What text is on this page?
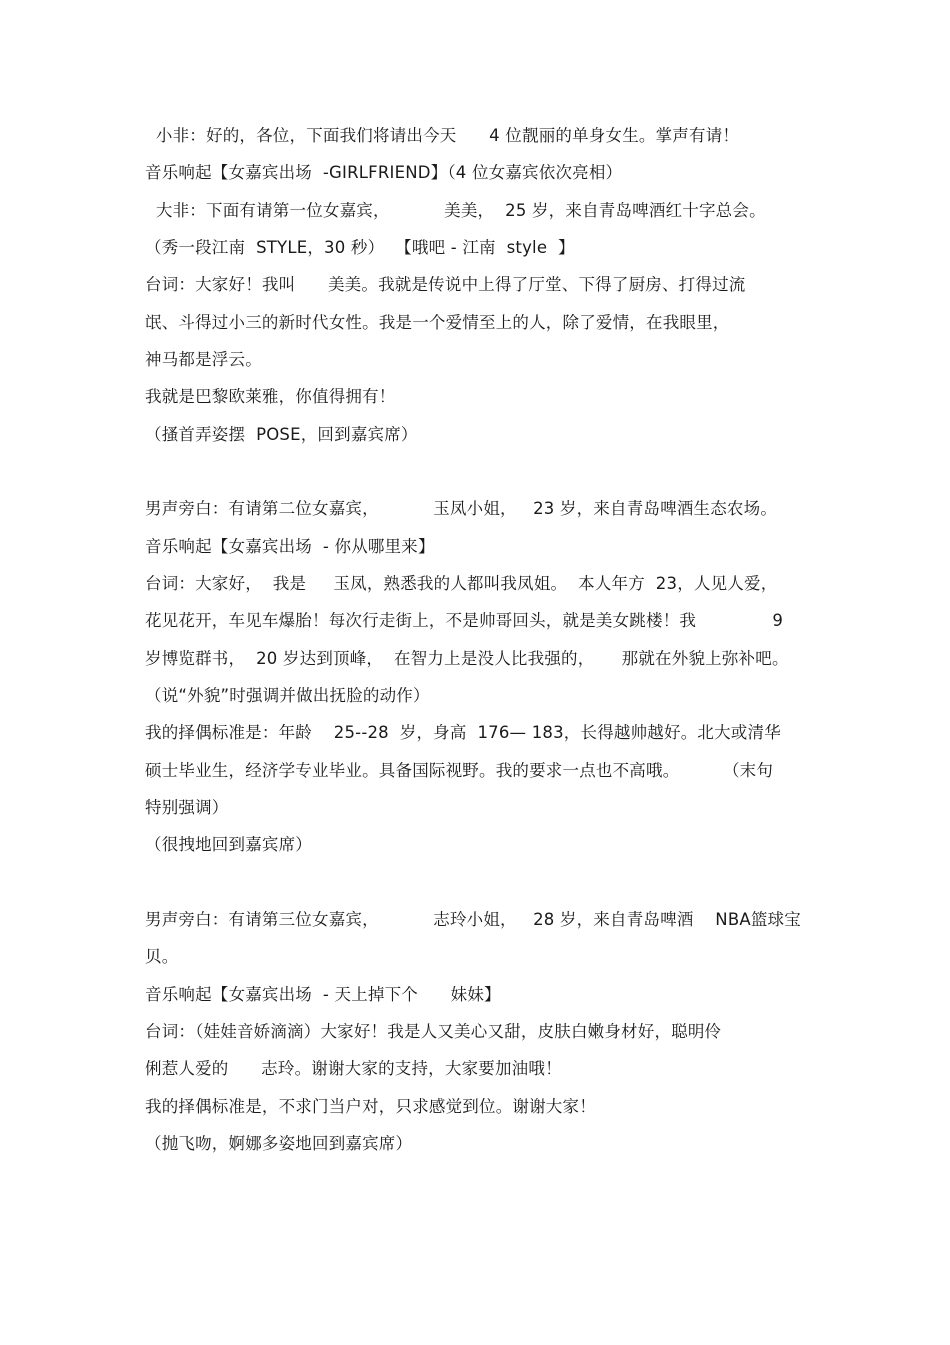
小非：好的，各位，下面我们将请出今天      4 位靓丽的单身女生。掌声有请！
音乐响起【女嘉宾出场  -GIRLFRIEND】（4 位女嘉宾依次亮相）
大非：下面有请第一位女嘉宾，          美美，  25 岁，来自青岛啤酒红十字总会。
（秀一段江南  STYLE，30 秒）  【哦吧 - 江南  style  】
台词：大家好！我叫      美美。我就是传说中上得了厅堂、下得了厨房、打得过流
氓、斗得过小三的新时代女性。我是一个爱情至上的人，除了爱情，在我眼里，
神马都是浮云。
我就是巴黎欧莱雅，你值得拥有！
（搔首弄姿摆  POSE，回到嘉宾席）
男声旁白：有请第二位女嘉宾，          玉凤小姐，   23 岁，来自青岛啤酒生态农场。
音乐响起【女嘉宾出场  - 你从哪里来】
台词：大家好，  我是     玉凤，熟悉我的人都叫我凤姐。  本人年方  23，人见人爱，
花见花开，车见车爆胎！每次行走街上，不是帅哥回头，就是美女跳楼！我              9
岁博览群书，  20 岁达到顶峰，  在智力上是没人比我强的，     那就在外貌上弥补吧。
（说“外貌”时强调并做出抚脸的动作）
我的择偶标准是：年龄    25--28  岁，身高  176— 183，长得越帅越好。北大或清华
硕士毕业生，经济学专业毕业。具备国际视野。我的要求一点也不高哦。        （末句
特别强调）
（很拽地回到嘉宾席）
男声旁白：有请第三位女嘉宾，          志玲小姐，   28 岁，来自青岛啤酒    NBA篮球宝
贝。
音乐响起【女嘉宾出场  - 天上掉下个      妹妹】
台词：（娃娃音娇滴滴）大家好！我是人又美心又甜，皮肤白嫩身材好，聪明伶
俐惹人爱的      志玲。谢谢大家的支持，大家要加油哦！
我的择偶标准是，不求门当户对，只求感觉到位。谢谢大家！
（抛飞吻，婀娜多姿地回到嘉宾席）
